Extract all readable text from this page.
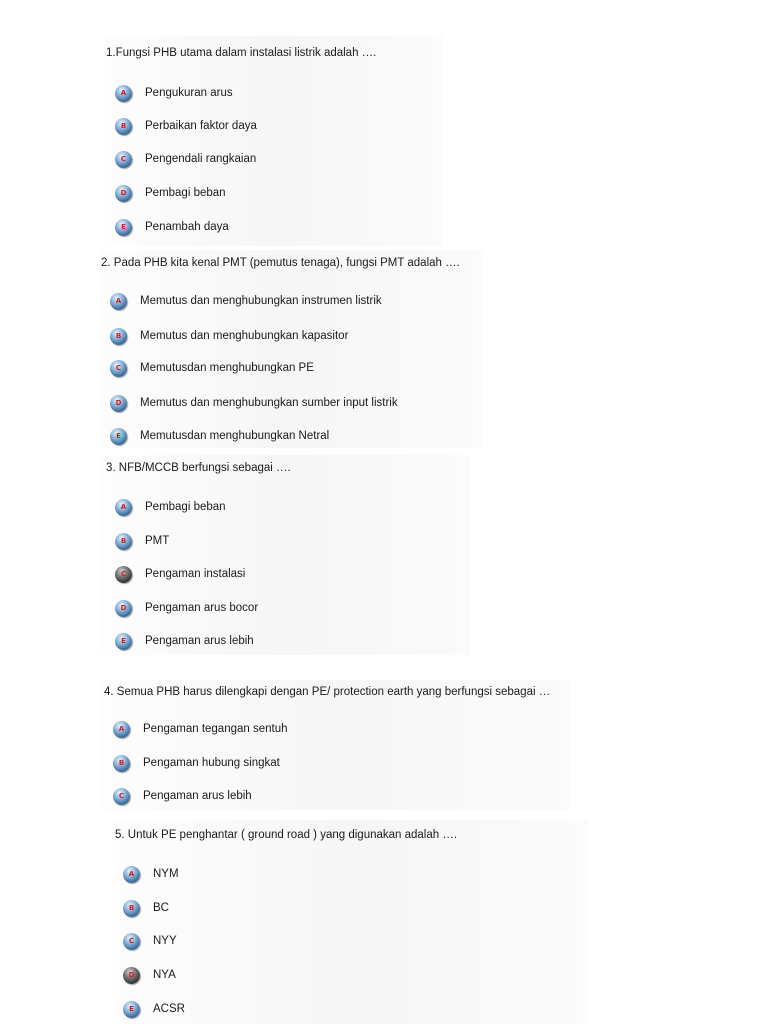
1.Fungsi PHB utama dalam instalasi listrik adalah ….
A Pengukuran arus
B Perbaikan faktor daya
C Pengendali rangkaian
D Pembagi beban
E Penambah daya
2. Pada PHB kita kenal PMT (pemutus tenaga), fungsi PMT adalah ….
A Memutus dan menghubungkan instrumen listrik
B Memutus dan menghubungkan kapasitor
C Memutusdan menghubungkan PE
D Memutus dan menghubungkan sumber input listrik
E Memutusdan menghubungkan Netral
3. NFB/MCCB berfungsi sebagai ….
A Pembagi beban
B PMT
C Pengaman instalasi
D Pengaman arus bocor
E Pengaman arus lebih
4. Semua PHB harus dilengkapi dengan PE/ protection earth yang berfungsi sebagai …
A Pengaman tegangan sentuh
B Pengaman hubung singkat
C Pengaman arus lebih
5. Untuk PE penghantar ( ground road ) yang digunakan adalah ….
A NYM
B BC
C NYY
D NYA
E ACSR
